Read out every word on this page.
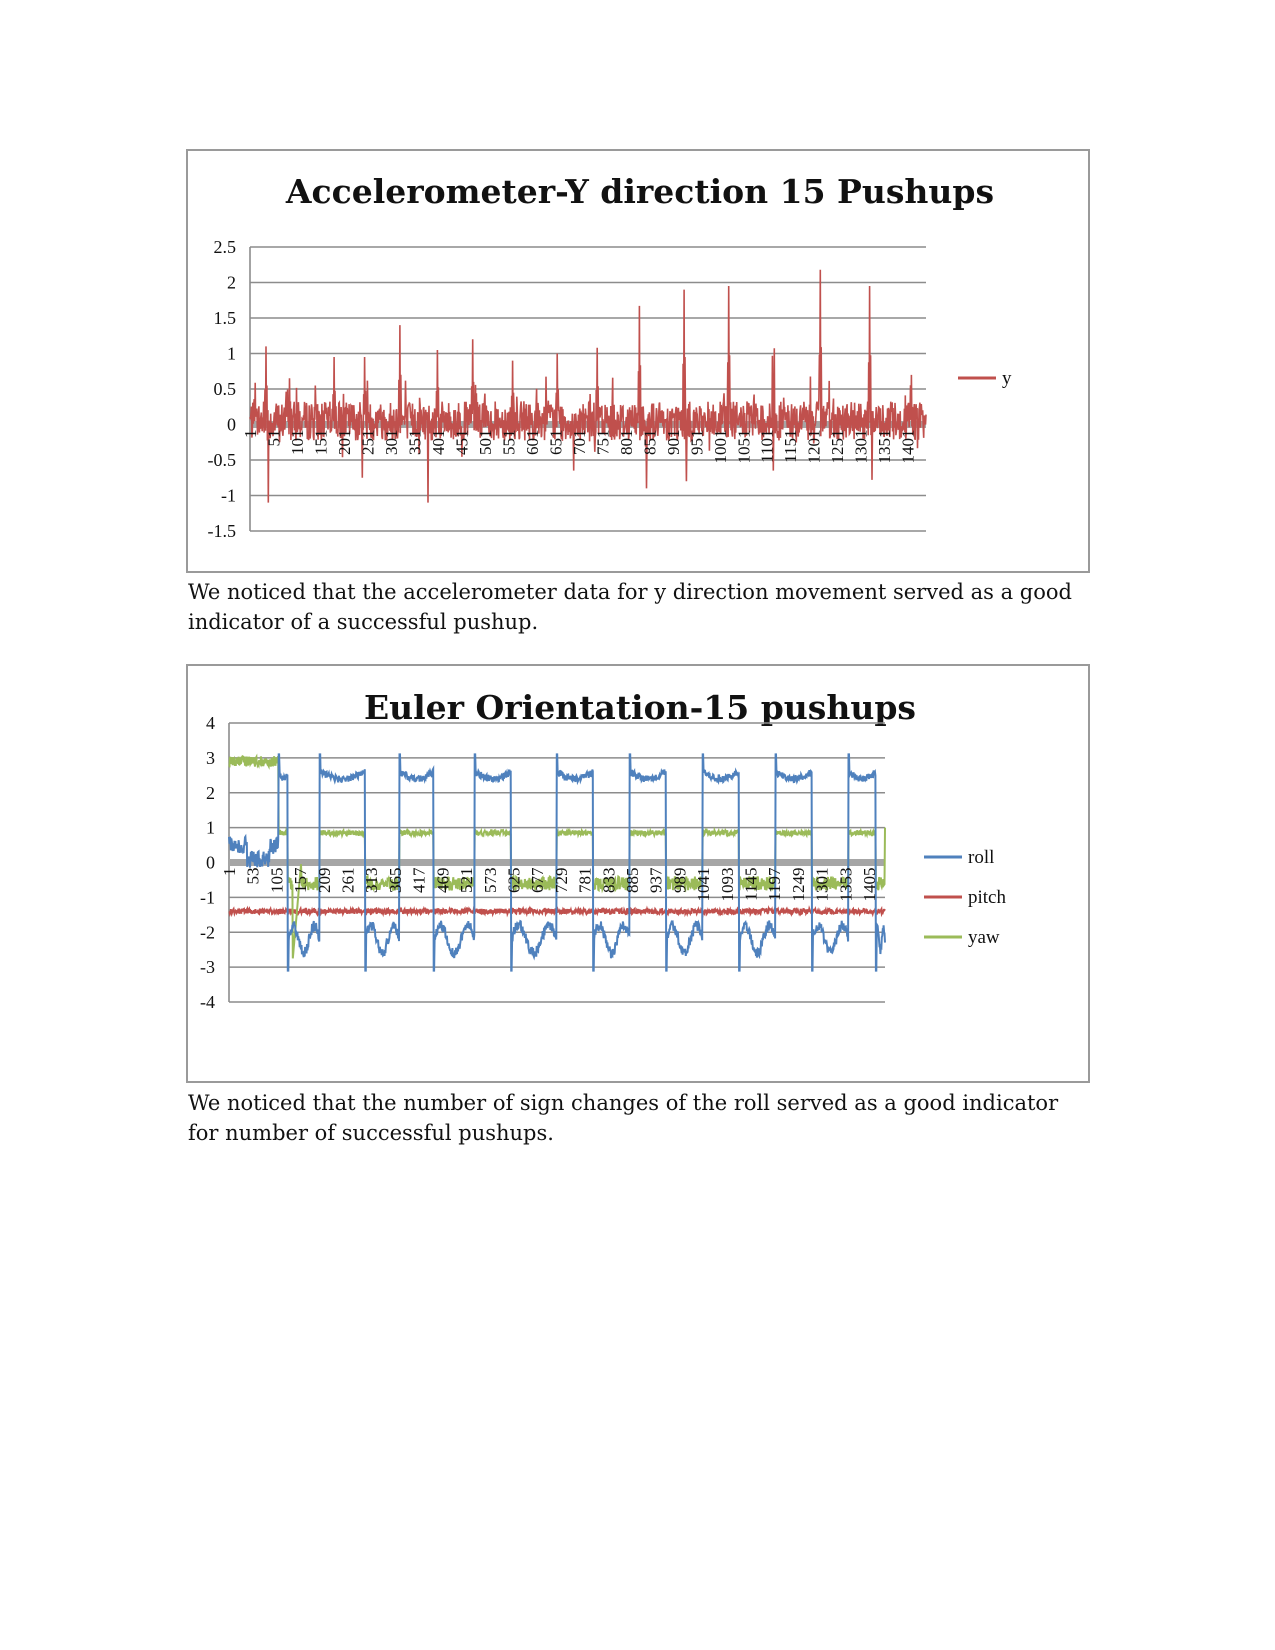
Accelerometer-Y direction 15 Pushups
2.5
2
1.5
1
0.5
0
-0.5
-1
-1.5
1 51 101 151 201 251 301 351 401 451 501 551 601 651 701 751 801 851 901 951 1001 1051 1101 1151 1201 1251 1301 1351 1401
y

We noticed that the accelerometer data for y direction movement served as a good indicator of a successful pushup.

Euler Orientation-15 pushups
4
3
2
1
0
-1
-2
-3
-4
1 53 105 157 209 261 313 365 417 469 521 573 625 677 729 781 833 885 937 989 1041 1093 1145 1197 1249 1301 1353 1405
roll
pitch
yaw

We noticed that the number of sign changes of the roll served as a good indicator for number of successful pushups.
